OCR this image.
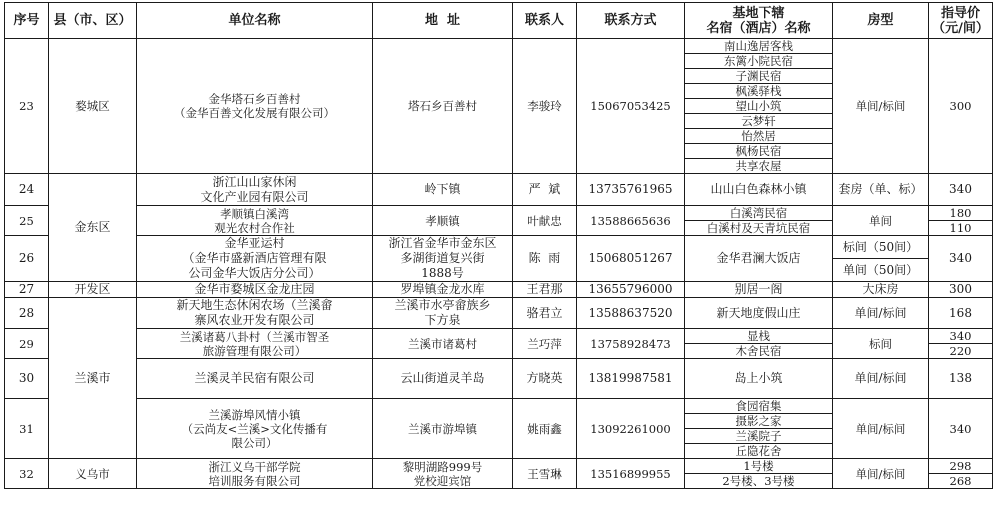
序号	县（市、区）	单位名称	地  址	联系人	联系方式	基地下辖
名宿（酒店）名称	房型	指导价
（元/间）
23	婺城区	金华塔石乡百善村
（金华百善文化发展有限公司）	塔石乡百善村	李骏玲	15067053425	南山逸居客栈	单间/标间	300
						东篱小院民宿		
						子渊民宿		
						枫溪驿栈		
						望山小筑		
						云梦轩		
						怡然居		
						枫杨民宿		
						共享农屋		
24	金东区	浙江山山家休闲
文化产业园有限公司	岭下镇	严  斌	13735761965	山山白色森林小镇	套房（单、标）	340
25		孝顺镇白溪湾
观光农村合作社	孝顺镇	叶献忠	13588665636	白溪湾民宿	单间	180
						白溪村及天青坑民宿		110
26		金华亚运村
（金华市盛新酒店管理有限
公司金华大饭店分公司）	浙江省金华市金东区
多湖街道复兴街
1888号	陈  雨	15068051267	金华君澜大饭店	标间（50间）	340
							单间（50间）	
27	开发区	金华市婺城区金龙庄园	罗埠镇金龙水库	王君那	13655796000	别居一阁	大床房	300
28	兰溪市	新天地生态休闲农场（兰溪畲
寨风农业开发有限公司	兰溪市水亭畲族乡
下方泉	骆君立	13588637520	新天地度假山庄	单间/标间	168
29		兰溪诸葛八卦村（兰溪市智圣
旅游管理有限公司）	兰溪市诸葛村	兰巧萍	13758928473	显栈	标间	340
						木舍民宿		220
30		兰溪灵羊民宿有限公司	云山街道灵羊岛	方晓英	13819987581	岛上小筑	单间/标间	138
31		兰溪游埠风情小镇
（云尚友<兰溪>文化传播有
限公司）	兰溪市游埠镇	姚雨鑫	13092261000	食园宿集	单间/标间	340
						摄影之家		
						兰溪院子		
						丘隐花舍		
32	义乌市	浙江义乌干部学院
培训服务有限公司	黎明湖路999号
党校迎宾馆	王雪琳	13516899955	1号楼	单间/标间	298
						2号楼、3号楼		268
